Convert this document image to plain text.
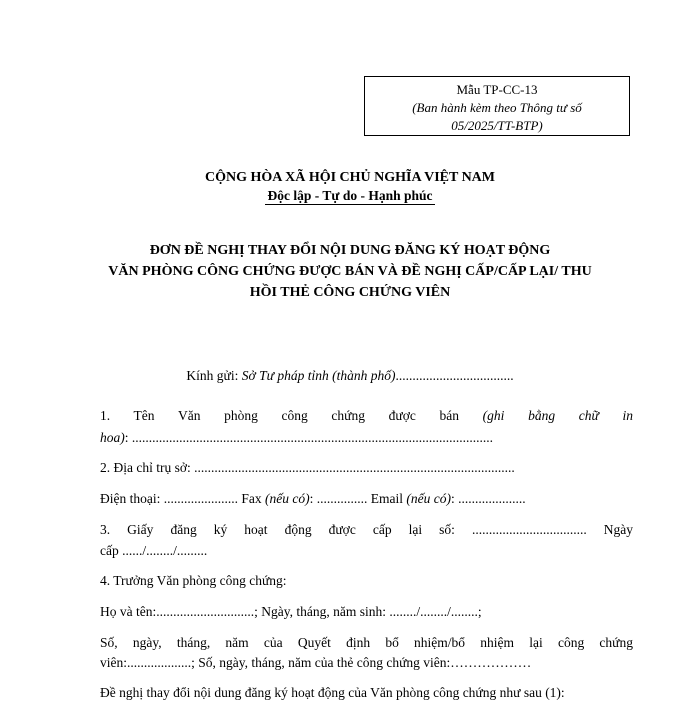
Mẫu TP-CC-13
(Ban hành kèm theo Thông tư số
05/2025/TT-BTP)
CỘNG HÒA XÃ HỘI CHỦ NGHĨA VIỆT NAM
Độc lập - Tự do - Hạnh phúc
ĐƠN ĐỀ NGHỊ THAY ĐỔI NỘI DUNG ĐĂNG KÝ HOẠT ĐỘNG
VĂN PHÒNG CÔNG CHỨNG ĐƯỢC BÁN VÀ ĐỀ NGHỊ CẤP/CẤP LẠI/ THU
HỒI THẺ CÔNG CHỨNG VIÊN
Kính gửi: Sở Tư pháp tỉnh (thành phố)...................................
1. Tên Văn phòng công chứng được bán (ghi bằng chữ in
hoa): ...........................................................................................................
2. Địa chỉ trụ sở: ...............................................................................................
Điện thoại: ...................... Fax (nếu có): ............... Email (nếu có): ....................
3. Giấy đăng ký hoạt động được cấp lại số: .................................. Ngày
cấp ....../......../.........
4. Trưởng Văn phòng công chứng:
Họ và tên:.............................; Ngày, tháng, năm sinh: ......../......../........;
Số, ngày, tháng, năm của Quyết định bổ nhiệm/bổ nhiệm lại công chứng
viên:...................; Số, ngày, tháng, năm của thẻ công chứng viên:………………
Đề nghị thay đổi nội dung đăng ký hoạt động của Văn phòng công chứng như sau (1):
